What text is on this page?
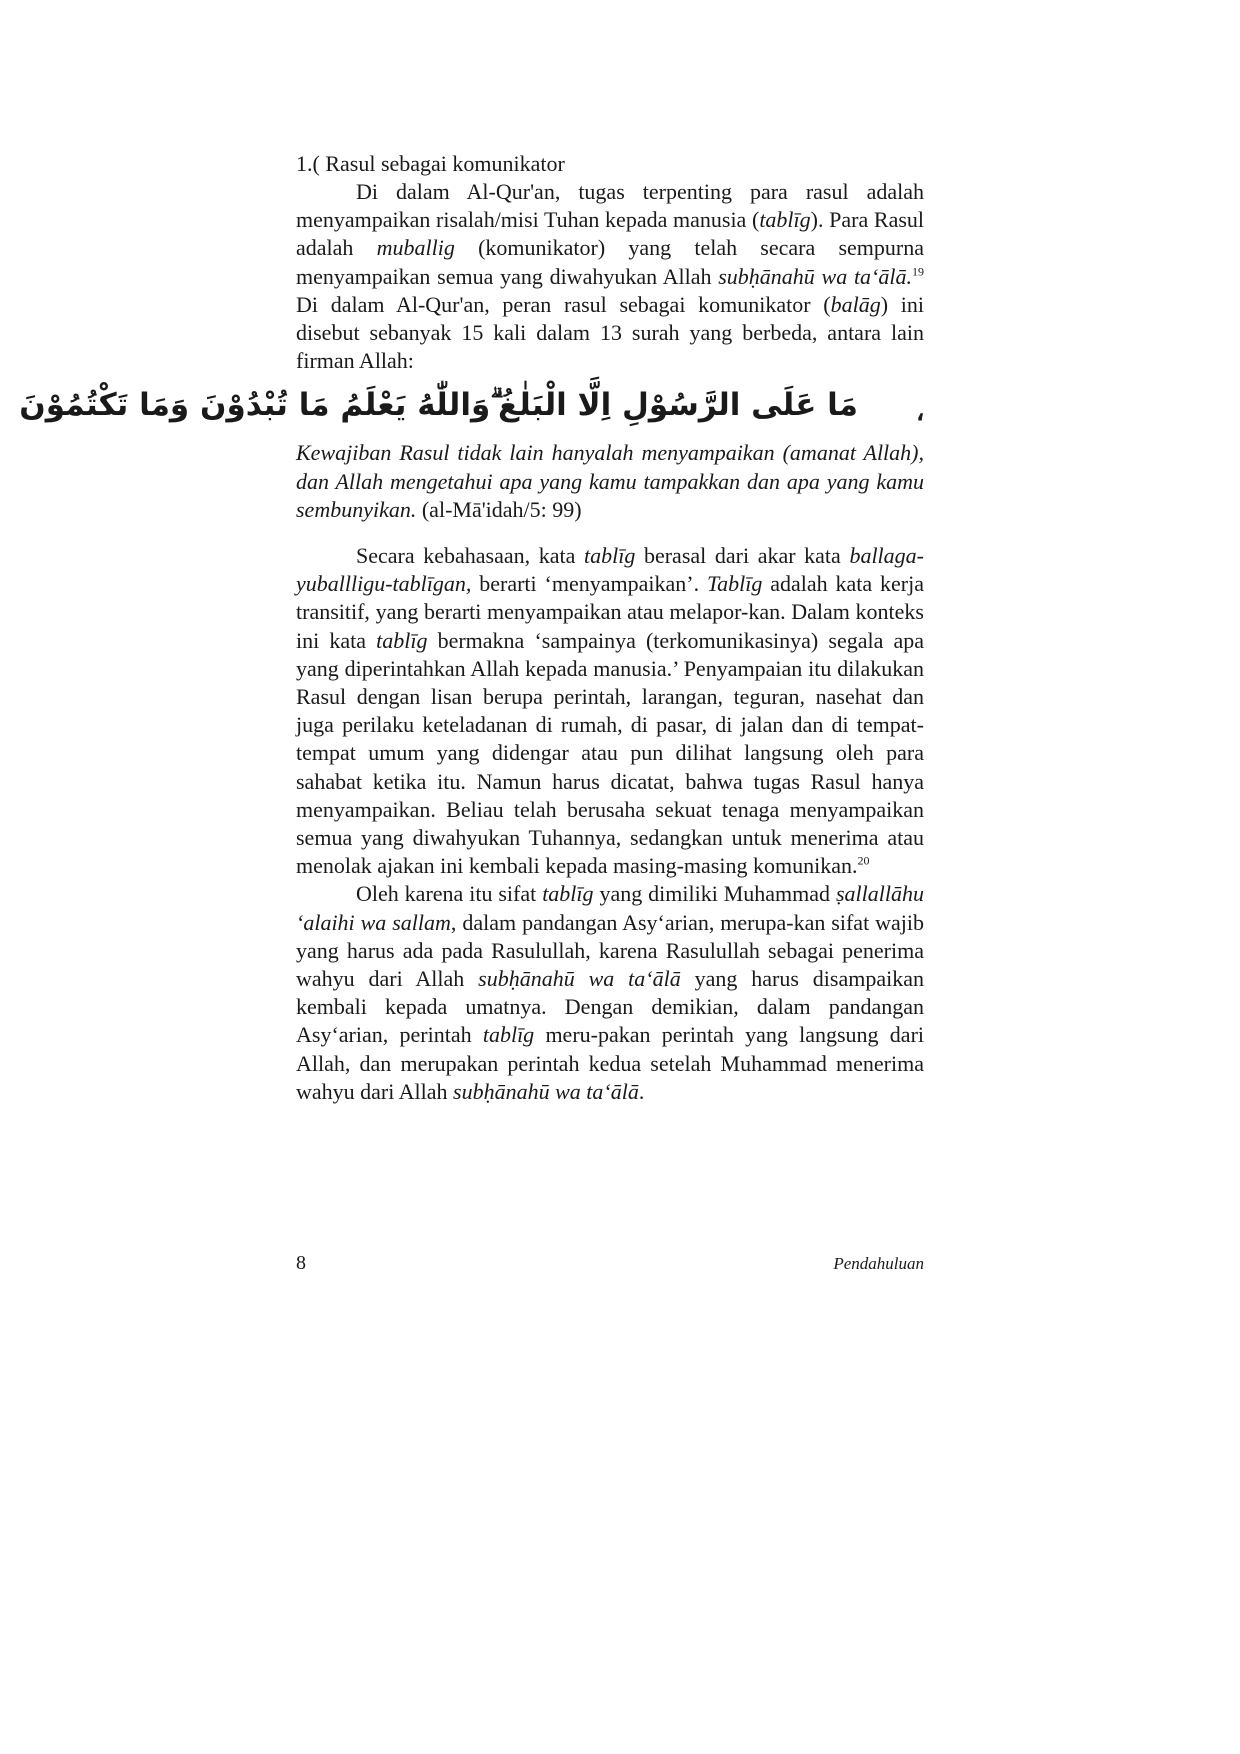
1.( Rasul sebagai komunikator

Di dalam Al-Qur'an, tugas terpenting para rasul adalah menyampaikan risalah/misi Tuhan kepada manusia (tablīg). Para Rasul adalah muballig (komunikator) yang telah secara sempurna menyampaikan semua yang diwahyukan Allah subḥānahū wa ta‘ālā.$^{19}$ Di dalam Al-Qur'an, peran rasul sebagai komunikator (balāg) ini disebut sebanyak 15 kali dalam 13 surah yang berbeda, antara lain firman Allah:

مَا عَلَى الرَّسُوْلِ اِلَّا الْبَلٰغُ ۗوَاللّٰهُ يَعْلَمُ مَا تُبْدُوْنَ وَمَا تَكْتُمُوْنَ ،

Kewajiban Rasul tidak lain hanyalah menyampaikan (amanat Allah), dan Allah mengetahui apa yang kamu tampakkan dan apa yang kamu sembunyikan. (al-Mā'idah/5: 99)

Secara kebahasaan, kata tablīg berasal dari akar kata ballaga-yuballligu-tablīgan, berarti ‘menyampaikan’. Tablīg adalah kata kerja transitif, yang berarti menyampaikan atau melapor-kan. Dalam konteks ini kata tablīg bermakna ‘sampainya (terkomunikasinya) segala apa yang diperintahkan Allah kepada manusia.’ Penyampaian itu dilakukan Rasul dengan lisan berupa perintah, larangan, teguran, nasehat dan juga perilaku keteladanan di rumah, di pasar, di jalan dan di tempat-tempat umum yang didengar atau pun dilihat langsung oleh para sahabat ketika itu. Namun harus dicatat, bahwa tugas Rasul hanya menyampaikan. Beliau telah berusaha sekuat tenaga menyampaikan semua yang diwahyukan Tuhannya, sedangkan untuk menerima atau menolak ajakan ini kembali kepada masing-masing komunikan.$^{20}$

Oleh karena itu sifat tablīg yang dimiliki Muhammad ṣallallāhu ‘alaihi wa sallam, dalam pandangan Asy‘arian, merupa-kan sifat wajib yang harus ada pada Rasulullah, karena Rasulullah sebagai penerima wahyu dari Allah subḥānahū wa ta‘ālā yang harus disampaikan kembali kepada umatnya. Dengan demikian, dalam pandangan Asy‘arian, perintah tablīg meru-pakan perintah yang langsung dari Allah, dan merupakan perintah kedua setelah Muhammad menerima wahyu dari Allah subḥānahū wa ta‘ālā.

8	Pendahuluan
